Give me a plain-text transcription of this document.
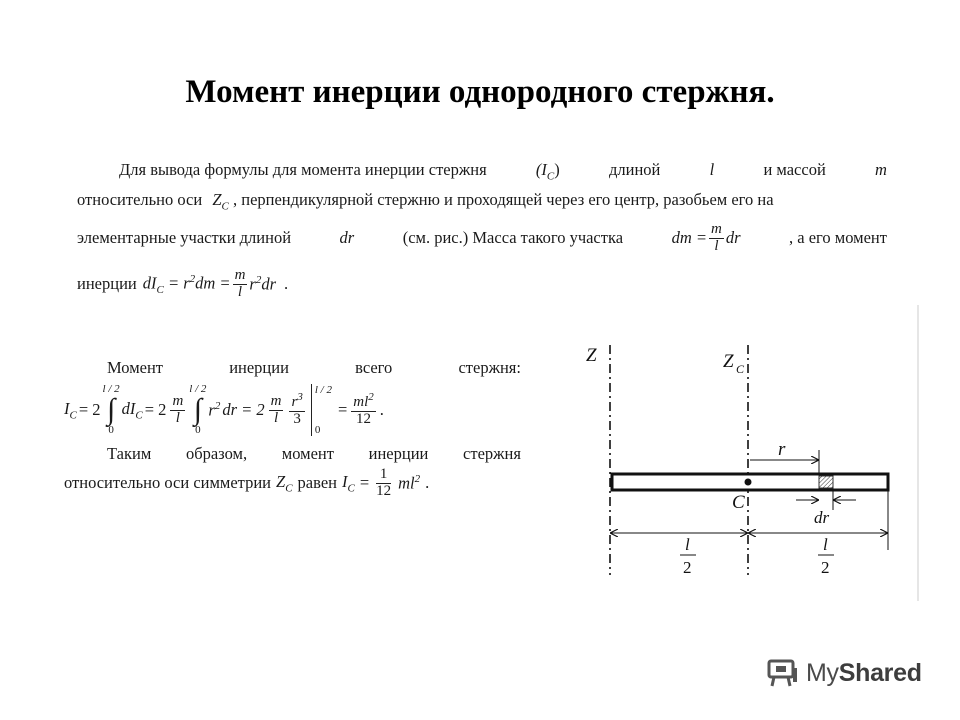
Момент инерции однородного стержня.
Для вывода формулы для момента инерции стержня	$(I_C)$	длиной	l	и массой	m
относительно оси $Z_C$ , перпендикулярной стержню и проходящей через его центр, разобьем его на
элементарные участки длиной	dr	(см. рис.) Масса такого участка	dm = $\frac{m}{l}$ dr	, а его момент
инерции $dI_C = r^2dm = \frac{m}{l} r^2dr$ .
Момент	инерции	всего	стержня:
$I_C = 2$
l / 2
∫
0
$dI_C = 2 \frac{m}{l}$
l / 2
∫
0
$r^2$ dr = $2 \frac{m}{l} \frac{r^3}{3}$
l / 2
0
= $\frac{ml^2}{12}$ .
Таким образом, момент инерции стержня
относительно оси симметрии $Z_C$ равен $I_C = \frac{1}{12} ml^2$ .
Z	Z C
r
C
dr
l
2
l
2
MyShared
